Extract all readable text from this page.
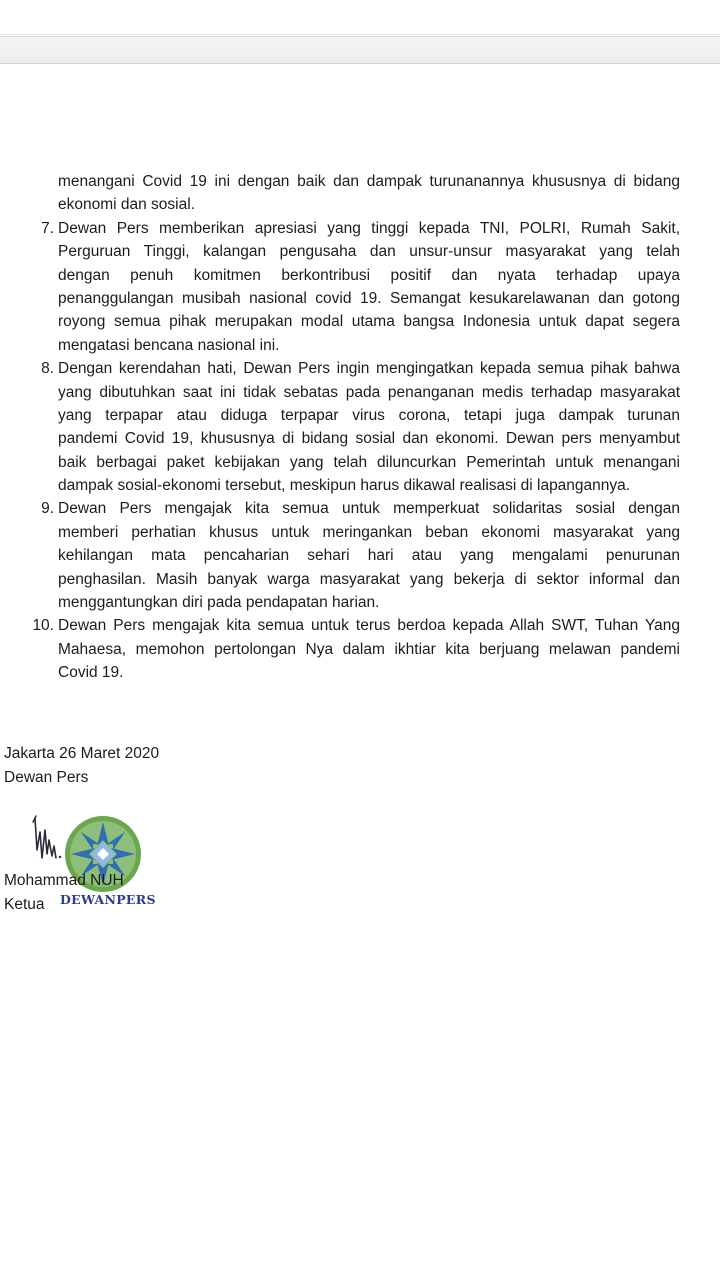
menangani Covid 19 ini dengan baik dan dampak turunanannya khususnya di bidang
ekonomi dan sosial.
7. Dewan Pers memberikan apresiasi yang tinggi kepada TNI, POLRI, Rumah Sakit,
Perguruan Tinggi, kalangan pengusaha dan unsur-unsur masyarakat yang telah
dengan penuh komitmen berkontribusi positif dan nyata terhadap upaya
penanggulangan musibah nasional covid 19. Semangat kesukarelawanan dan gotong
royong semua pihak merupakan modal utama bangsa Indonesia untuk dapat segera
mengatasi bencana nasional ini.
8. Dengan kerendahan hati, Dewan Pers ingin mengingatkan kepada semua pihak bahwa
yang dibutuhkan saat ini tidak sebatas pada penanganan medis terhadap masyarakat
yang terpapar atau diduga terpapar virus corona, tetapi juga dampak turunan
pandemi Covid 19, khususnya di bidang sosial dan ekonomi. Dewan pers menyambut
baik berbagai paket kebijakan yang telah diluncurkan Pemerintah untuk menangani
dampak sosial-ekonomi tersebut, meskipun harus dikawal realisasi di lapangannya.
9. Dewan Pers mengajak kita semua untuk memperkuat solidaritas sosial dengan
memberi perhatian khusus untuk meringankan beban ekonomi masyarakat yang
kehilangan mata pencaharian sehari hari atau yang mengalami penurunan
penghasilan. Masih banyak warga masyarakat yang bekerja di sektor informal dan
menggantungkan diri pada pendapatan harian.
10. Dewan Pers mengajak kita semua untuk terus berdoa kepada Allah SWT, Tuhan Yang
Mahaesa, memohon pertolongan Nya dalam ikhtiar kita berjuang melawan pandemi
Covid 19.
Jakarta 26 Maret 2020
Dewan Pers
Mohammad NUH
Ketua DEWANPERS
